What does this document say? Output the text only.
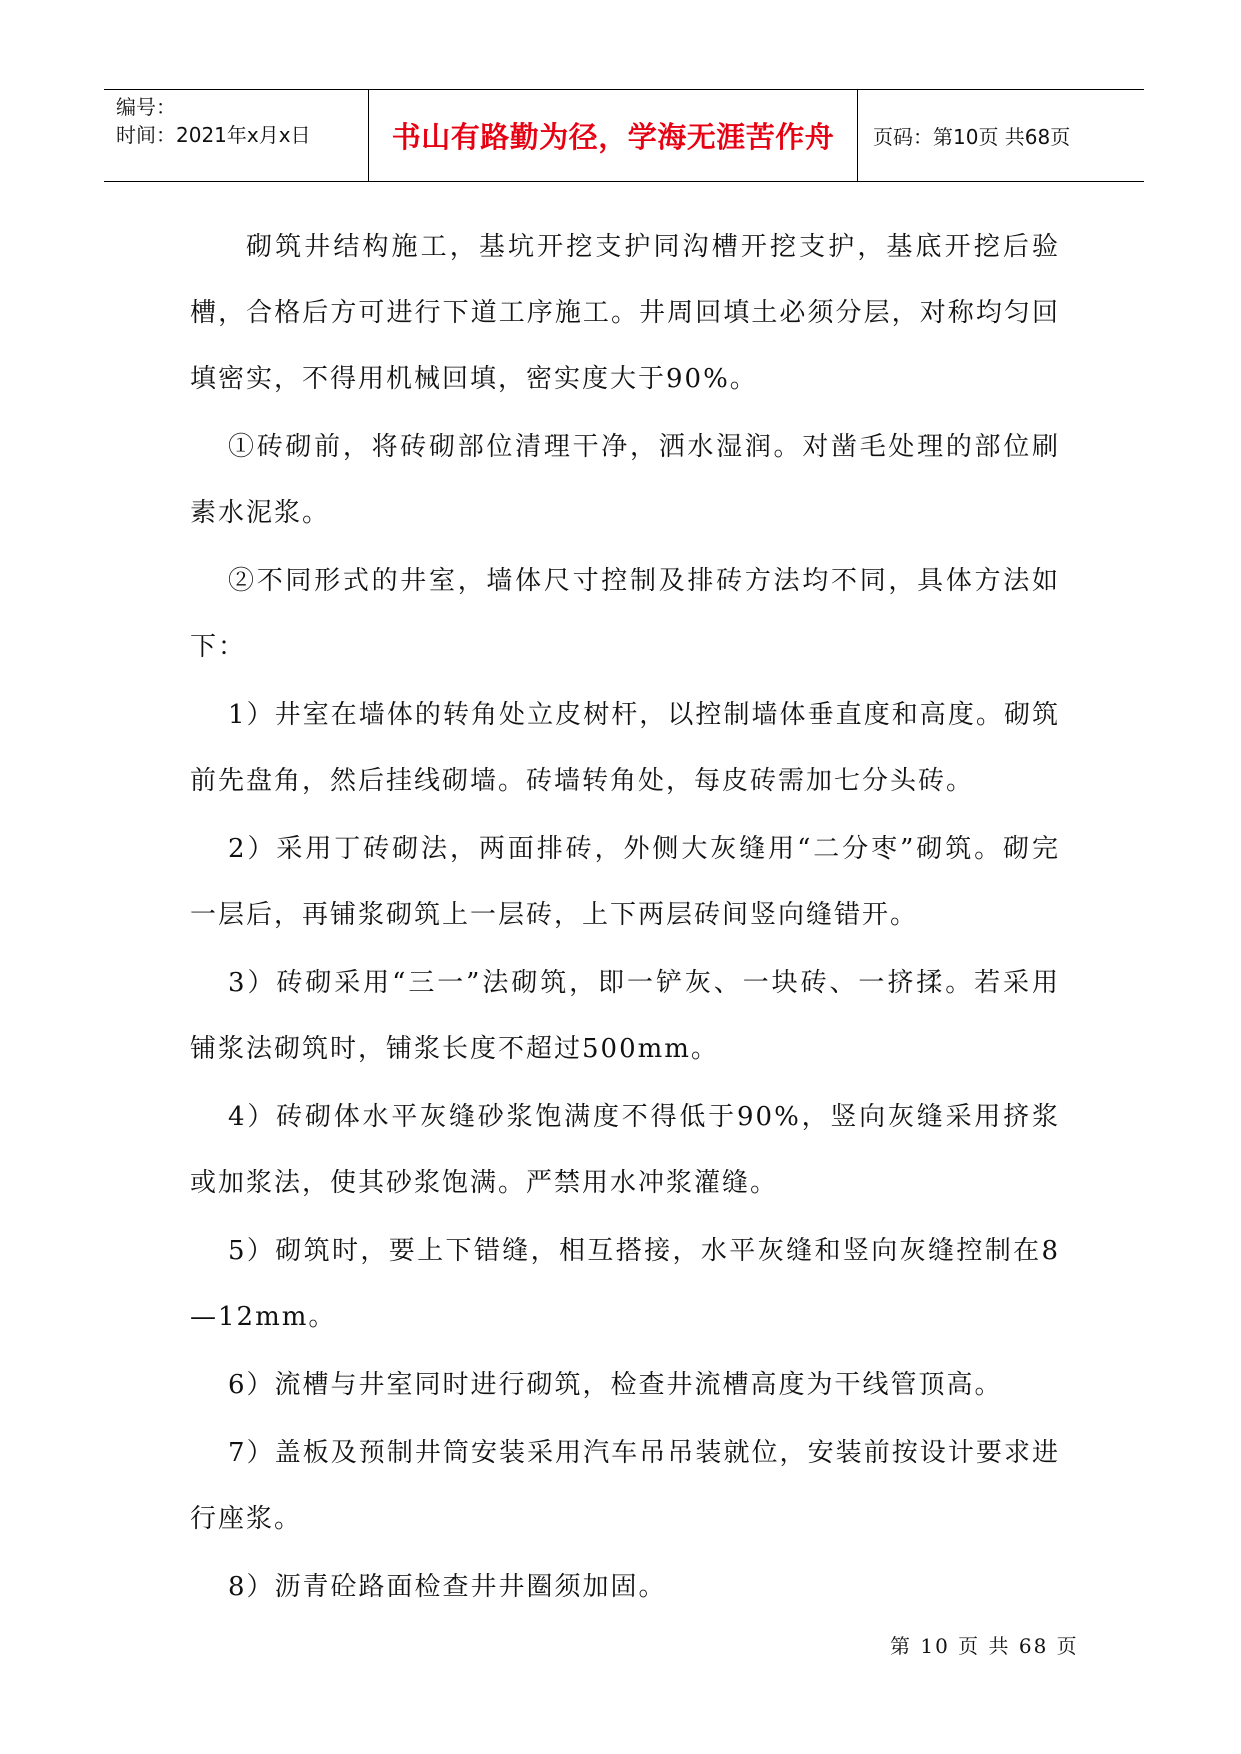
编号：
时间：2021年x月x日	书山有路勤为径，学海无涯苦作舟 页码：第10页 共68页

砌筑井结构施工，基坑开挖支护同沟槽开挖支护，基底开挖后验槽，合格后方可进行下道工序施工。井周回填土必须分层，对称均匀回填密实，不得用机械回填，密实度大于90%。

①砖砌前，将砖砌部位清理干净，洒水湿润。对凿毛处理的部位刷素水泥浆。

②不同形式的井室，墙体尺寸控制及排砖方法均不同，具体方法如下：

1）井室在墙体的转角处立皮树杆，以控制墙体垂直度和高度。砌筑前先盘角，然后挂线砌墙。砖墙转角处，每皮砖需加七分头砖。

2）采用丁砖砌法，两面排砖，外侧大灰缝用“二分枣”砌筑。砌完一层后，再铺浆砌筑上一层砖，上下两层砖间竖向缝错开。

3）砖砌采用“三一”法砌筑，即一铲灰、一块砖、一挤揉。若采用铺浆法砌筑时，铺浆长度不超过500mm。

4）砖砌体水平灰缝砂浆饱满度不得低于90%，竖向灰缝采用挤浆或加浆法，使其砂浆饱满。严禁用水冲浆灌缝。

5）砌筑时，要上下错缝，相互搭接，水平灰缝和竖向灰缝控制在8—12mm。

6）流槽与井室同时进行砌筑，检查井流槽高度为干线管顶高。

7）盖板及预制井筒安装采用汽车吊吊装就位，安装前按设计要求进行座浆。

8）沥青砼路面检查井井圈须加固。

第 10 页 共 68 页
